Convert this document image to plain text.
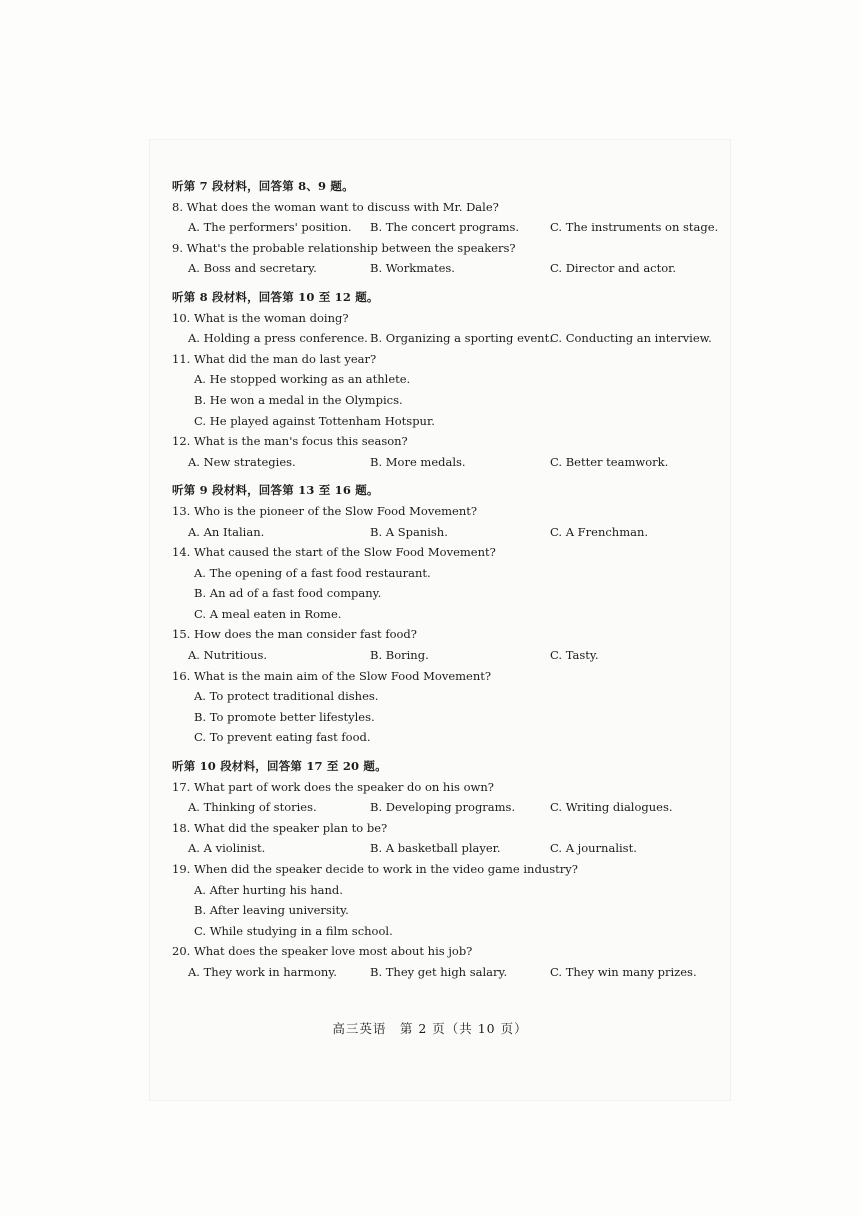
听第 7 段材料，回答第 8、9 题。
8. What does the woman want to discuss with Mr. Dale?
A. The performers' position. B. The concert programs.	C. The instruments on stage.
9. What's the probable relationship between the speakers?
A. Boss and secretary.	B. Workmates.	C. Director and actor.
听第 8 段材料，回答第 10 至 12 题。
10. What is the woman doing?
A. Holding a press conference. B. Organizing a sporting event.
C. Conducting an interview.
11. What did the man do last year?
A. He stopped working as an athlete.
B. He won a medal in the Olympics.
C. He played against Tottenham Hotspur.
12. What is the man's focus this season?
A. New strategies.	B. More medals.	C. Better teamwork.
听第 9 段材料，回答第 13 至 16 题。
13. Who is the pioneer of the Slow Food Movement?
A. An Italian.	B. A Spanish.	C. A Frenchman.
14. What caused the start of the Slow Food Movement?
A. The opening of a fast food restaurant.
B. An ad of a fast food company.
C. A meal eaten in Rome.
15. How does the man consider fast food?
A. Nutritious.	B. Boring.	C. Tasty.
16. What is the main aim of the Slow Food Movement?
A. To protect traditional dishes.
B. To promote better lifestyles.
C. To prevent eating fast food.
听第 10 段材料，回答第 17 至 20 题。
17. What part of work does the speaker do on his own?
A. Thinking of stories.	B. Developing programs.	C. Writing dialogues.
18. What did the speaker plan to be?
A. A violinist.	B. A basketball player.	C. A journalist.
19. When did the speaker decide to work in the video game industry?
A. After hurting his hand.
B. After leaving university.
C. While studying in a film school.
20. What does the speaker love most about his job?
A. They work in harmony.	B. They get high salary.	C. They win many prizes.
高三英语　第 2 页（共 10 页）
